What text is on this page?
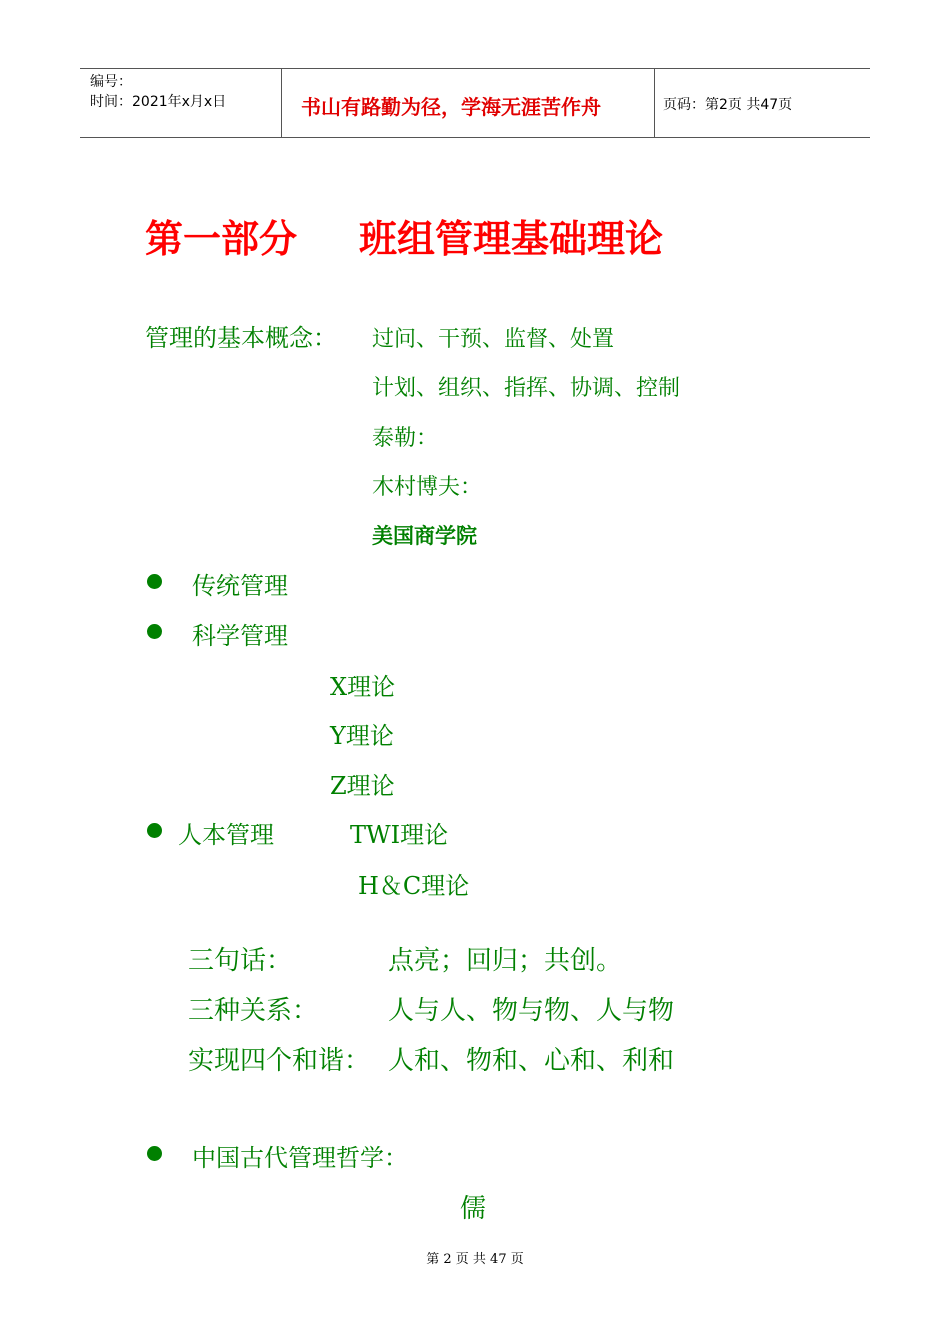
编号：
时间：2021年x月x日	书山有路勤为径，学海无涯苦作舟	页码：第2页 共47页
第一部分 班组管理基础理论
管理的基本概念： 过问、干预、监督、处置
计划、组织、指挥、协调、控制
泰勒：
木村博夫：
美国商学院
传统管理
科学管理
X理论
Y理论
Z理论
人本管理	TWI理论
H＆C理论
三句话：	点亮；回归；共创。
三种关系：	人与人、物与物、人与物
实现四个和谐： 人和、物和、心和、利和
中国古代管理哲学：
儒
第 2 页 共 47 页
